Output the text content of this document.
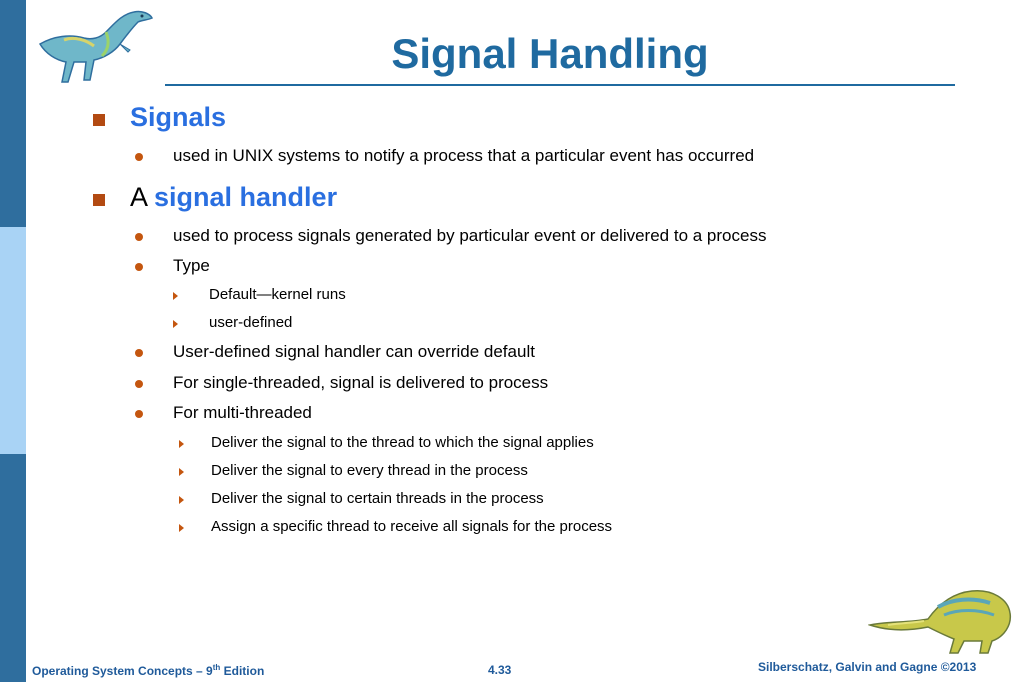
Signal Handling
Signals
used in UNIX systems to notify a process that a particular event has occurred
A signal handler
used to process signals generated by particular event or delivered to a process
Type
Default—kernel runs
user-defined
User-defined signal handler can override default
For single-threaded, signal is delivered to process
For multi-threaded
Deliver the signal to the thread to which the signal applies
Deliver the signal to every thread in the process
Deliver the signal to certain threads in the process
Assign a specific thread to receive all signals for the process
Operating System Concepts – 9th Edition	4.33	Silberschatz, Galvin and Gagne ©2013
